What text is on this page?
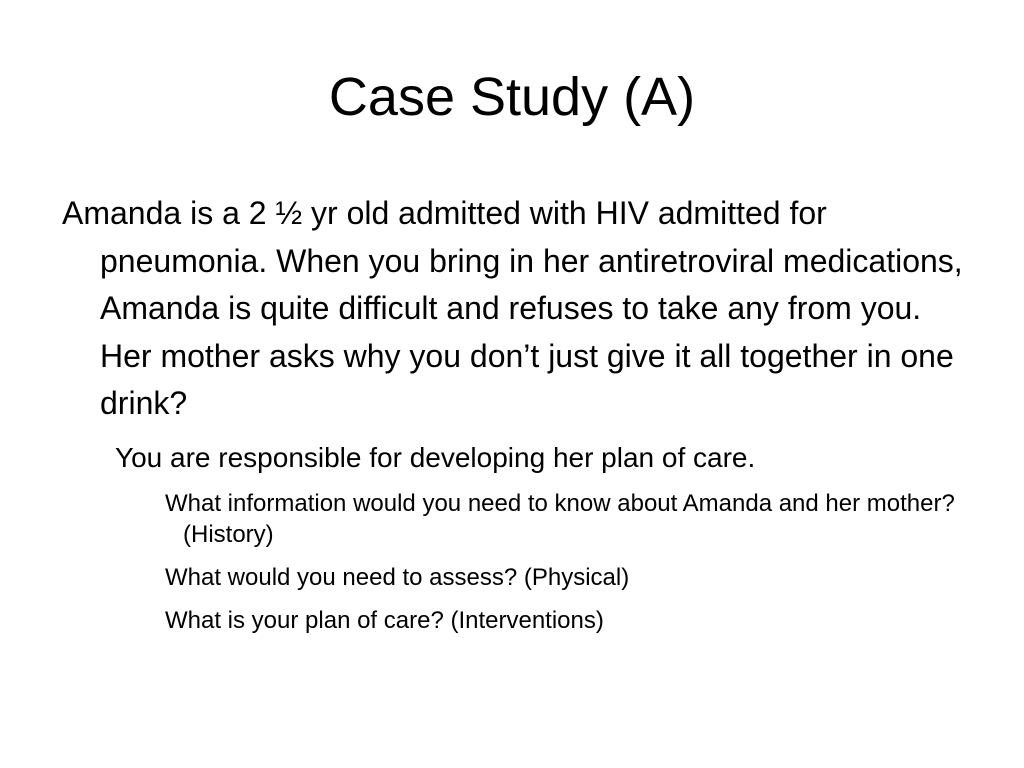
Case Study (A)

Amanda is a 2 ½ yr old admitted with HIV admitted for pneumonia. When you bring in her antiretroviral medications, Amanda is quite difficult and refuses to take any from you. Her mother asks why you don’t just give it all together in one drink?

You are responsible for developing her plan of care.
What information would you need to know about Amanda and her mother? (History)
What would you need to assess? (Physical)
What is your plan of care? (Interventions)
